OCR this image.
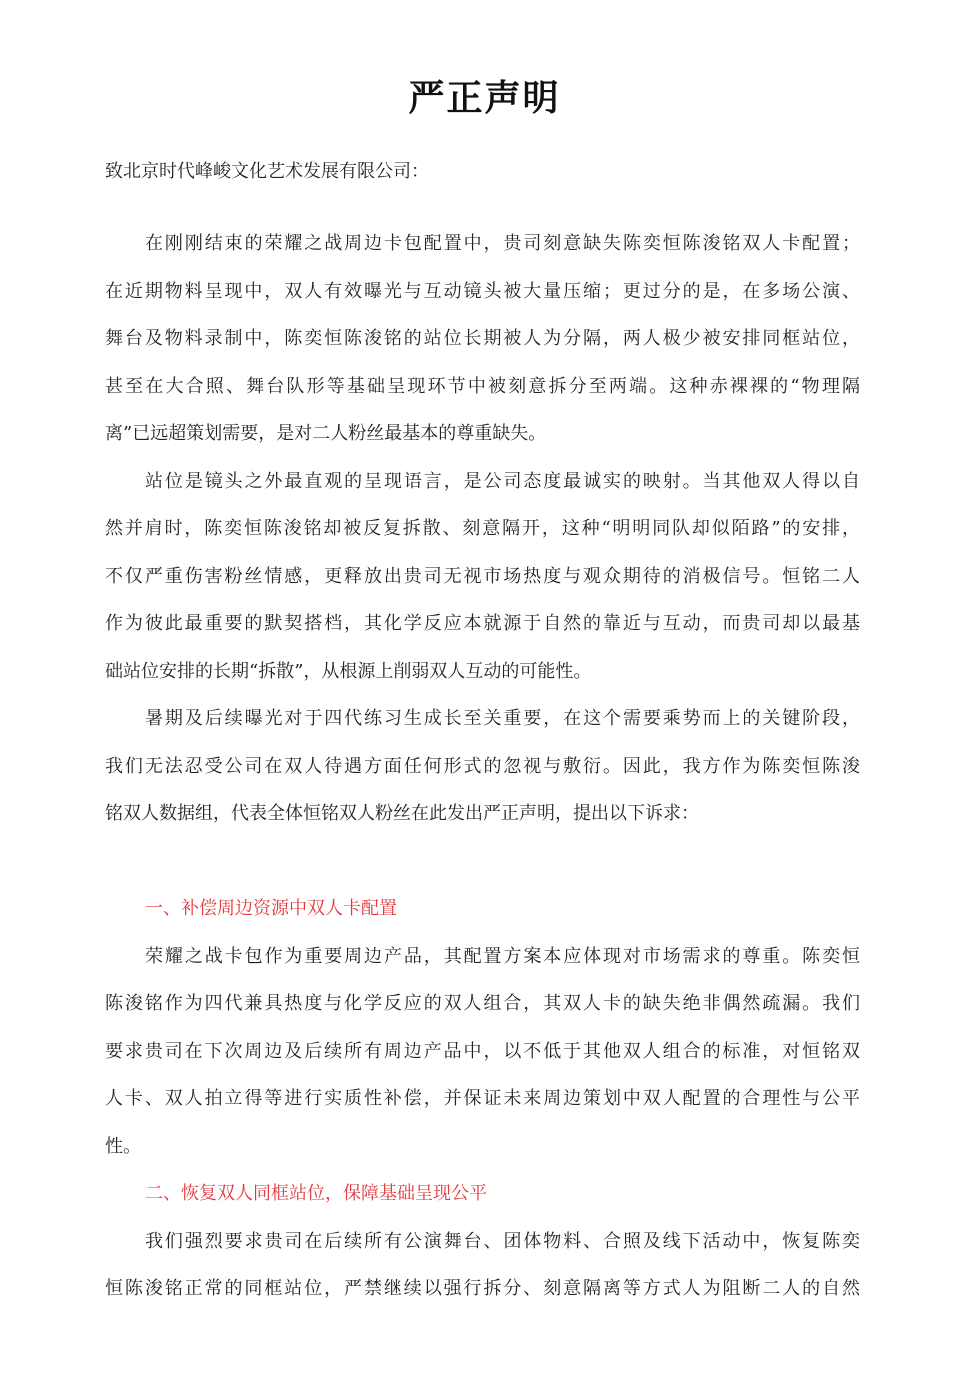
严正声明
致北京时代峰峻文化艺术发展有限公司：
在刚刚结束的荣耀之战周边卡包配置中，贵司刻意缺失陈奕恒陈浚铭双人卡配置；
在近期物料呈现中，双人有效曝光与互动镜头被大量压缩；更过分的是，在多场公演、
舞台及物料录制中，陈奕恒陈浚铭的站位长期被人为分隔，两人极少被安排同框站位，
甚至在大合照、舞台队形等基础呈现环节中被刻意拆分至两端。这种赤裸裸的“物理隔
离”已远超策划需要，是对二人粉丝最基本的尊重缺失。
站位是镜头之外最直观的呈现语言，是公司态度最诚实的映射。当其他双人得以自
然并肩时，陈奕恒陈浚铭却被反复拆散、刻意隔开，这种“明明同队却似陌路”的安排，
不仅严重伤害粉丝情感，更释放出贵司无视市场热度与观众期待的消极信号。恒铭二人
作为彼此最重要的默契搭档，其化学反应本就源于自然的靠近与互动，而贵司却以最基
础站位安排的长期“拆散”，从根源上削弱双人互动的可能性。
暑期及后续曝光对于四代练习生成长至关重要，在这个需要乘势而上的关键阶段，
我们无法忍受公司在双人待遇方面任何形式的忽视与敷衍。因此，我方作为陈奕恒陈浚
铭双人数据组，代表全体恒铭双人粉丝在此发出严正声明，提出以下诉求：
一、补偿周边资源中双人卡配置
荣耀之战卡包作为重要周边产品，其配置方案本应体现对市场需求的尊重。陈奕恒
陈浚铭作为四代兼具热度与化学反应的双人组合，其双人卡的缺失绝非偶然疏漏。我们
要求贵司在下次周边及后续所有周边产品中，以不低于其他双人组合的标准，对恒铭双
人卡、双人拍立得等进行实质性补偿，并保证未来周边策划中双人配置的合理性与公平
性。
二、恢复双人同框站位，保障基础呈现公平
我们强烈要求贵司在后续所有公演舞台、团体物料、合照及线下活动中，恢复陈奕
恒陈浚铭正常的同框站位，严禁继续以强行拆分、刻意隔离等方式人为阻断二人的自然
